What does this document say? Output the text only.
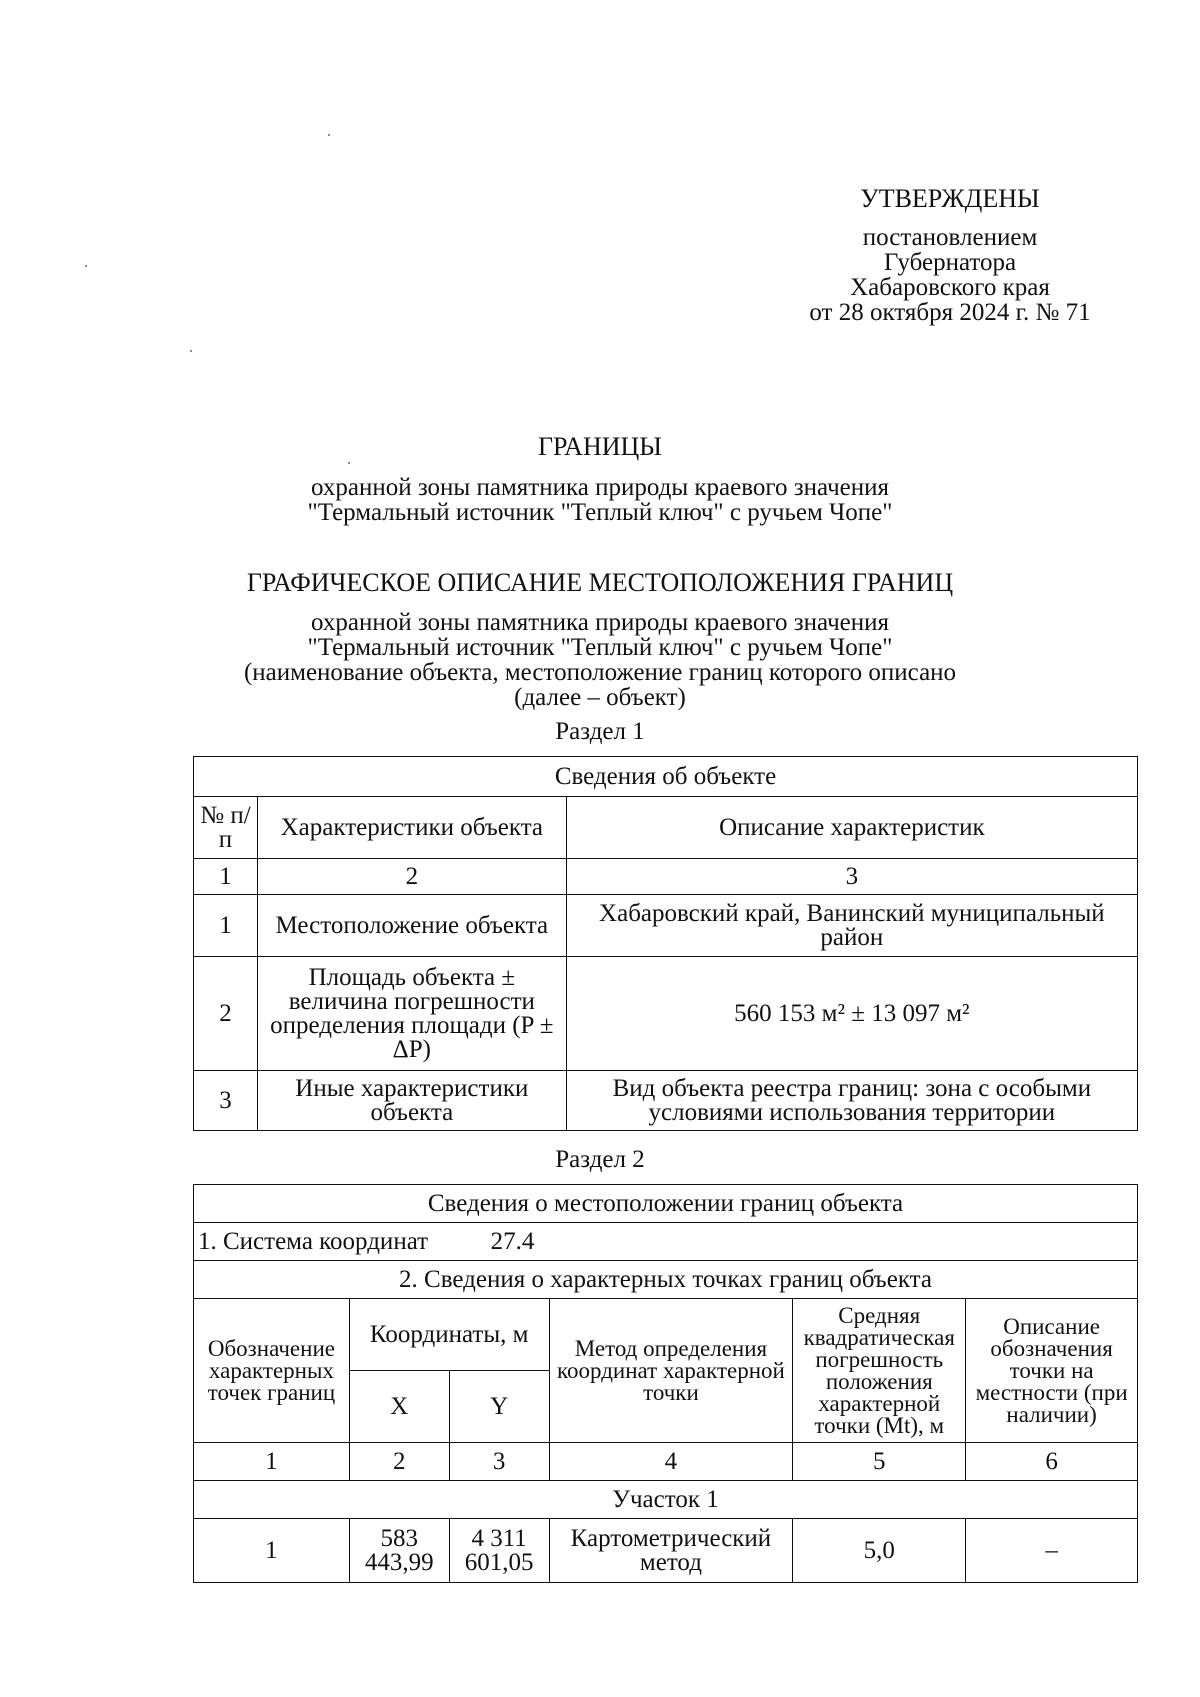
УТВЕРЖДЕНЫ
постановлением
Губернатора
Хабаровского края
от 28 октября 2024 г. № 71
ГРАНИЦЫ
охранной зоны памятника природы краевого значения
"Термальный источник "Теплый ключ" с ручьем Чопе"
ГРАФИЧЕСКОЕ ОПИСАНИЕ МЕСТОПОЛОЖЕНИЯ ГРАНИЦ
охранной зоны памятника природы краевого значения
"Термальный источник "Теплый ключ" с ручьем Чопе"
(наименование объекта, местоположение границ которого описано
(далее – объект)
Раздел 1
Сведения об объекте		
№ п/п	Характеристики объекта	Описание характеристик
1	2	3
1	Местоположение объекта	Хабаровский край, Ванинский муниципальный район
2	Площадь объекта ± величина погрешности определения площади (P ± ΔP)	560 153 м² ± 13 097 м²
3	Иные характеристики объекта	Вид объекта реестра границ: зона с особыми условиями использования территории
Раздел 2
Сведения о местоположении границ объекта					
1. Система координат 27.4					
2. Сведения о характерных точках границ объекта					
Обозначение характерных точек границ	Координаты, м		Метод определения координат характерной точки	Средняя квадратическая погрешность положения характерной точки (Mt), м	Описание обозначения точки на местности (при наличии)
	X	Y			
1	2	3	4	5	6
Участок 1					
1	583 443,99	4 311 601,05	Картометрический метод	5,0	–
